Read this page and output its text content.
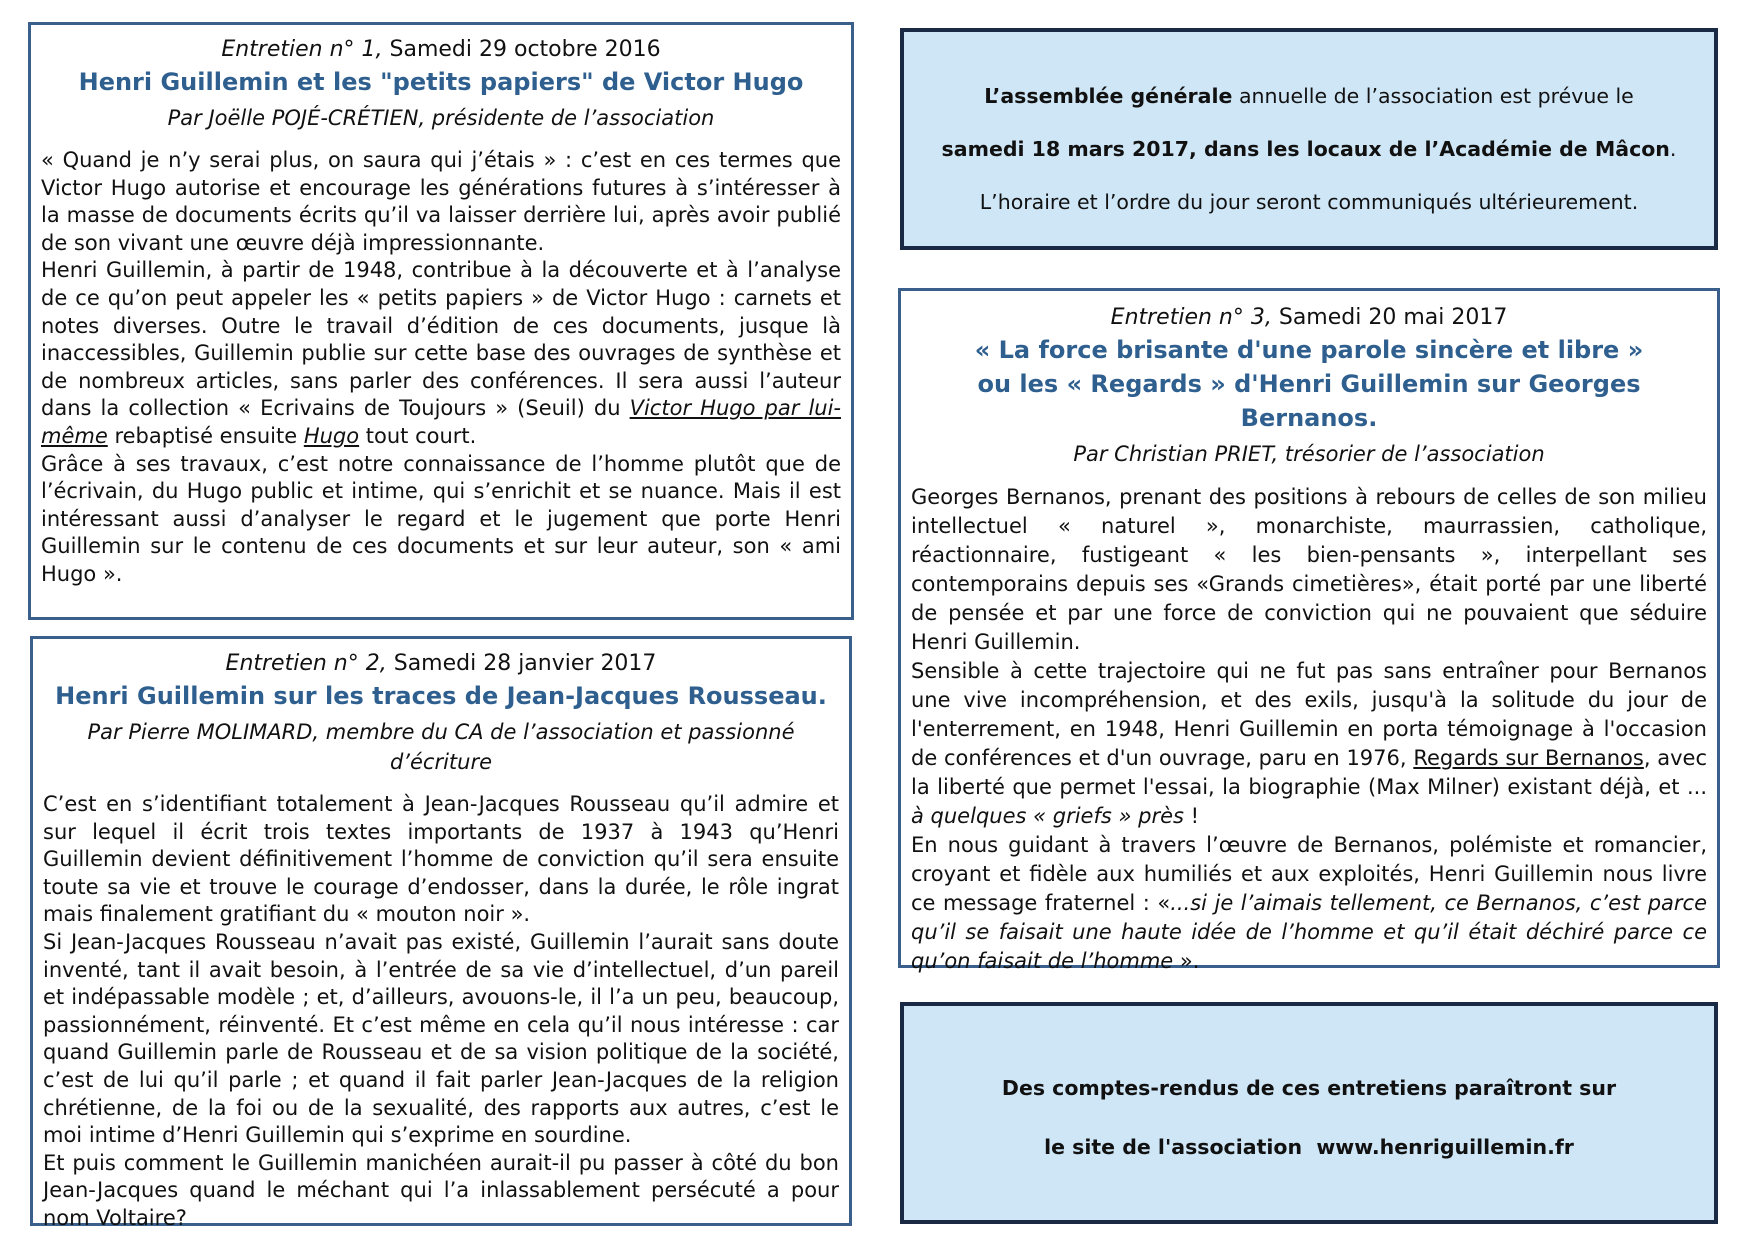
Entretien n° 1, Samedi 29 octobre 2016
Henri Guillemin et les "petits papiers" de Victor Hugo
Par Joëlle POJÉ-CRÉTIEN, présidente de l’association

« Quand je n’y serai plus, on saura qui j’étais » : c’est en ces termes que Victor Hugo autorise et encourage les générations futures à s’intéresser à la masse de documents écrits qu’il va laisser derrière lui, après avoir publié de son vivant une œuvre déjà impressionnante.

Henri Guillemin, à partir de 1948, contribue à la découverte et à l’analyse de ce qu’on peut appeler les « petits papiers » de Victor Hugo : carnets et notes diverses. Outre le travail d’édition de ces documents, jusque là inaccessibles, Guillemin publie sur cette base des ouvrages de synthèse et de nombreux articles, sans parler des conférences. Il sera aussi l’auteur dans la collection « Ecrivains de Toujours » (Seuil) du Victor Hugo par lui-même rebaptisé ensuite Hugo tout court.

Grâce à ses travaux, c’est notre connaissance de l’homme plutôt que de l’écrivain, du Hugo public et intime, qui s’enrichit et se nuance. Mais il est intéressant aussi d’analyser le regard et le jugement que porte Henri Guillemin sur le contenu de ces documents et sur leur auteur, son « ami Hugo ».

Entretien n° 2, Samedi 28 janvier 2017
Henri Guillemin sur les traces de Jean-Jacques Rousseau.
Par Pierre MOLIMARD, membre du CA de l’association et passionné d’écriture

C’est en s’identifiant totalement à Jean-Jacques Rousseau qu’il admire et sur lequel il écrit trois textes importants de 1937 à 1943 qu’Henri Guillemin devient définitivement l’homme de conviction qu’il sera ensuite toute sa vie et trouve le courage d’endosser, dans la durée, le rôle ingrat mais finalement gratifiant du « mouton noir ».

Si Jean-Jacques Rousseau n’avait pas existé, Guillemin l’aurait sans doute inventé, tant il avait besoin, à l’entrée de sa vie d’intellectuel, d’un pareil et indépassable modèle ; et, d’ailleurs, avouons-le, il l’a un peu, beaucoup, passionnément, réinventé. Et c’est même en cela qu’il nous intéresse : car quand Guillemin parle de Rousseau et de sa vision politique de la société, c’est de lui qu’il parle ; et quand il fait parler Jean-Jacques de la religion chrétienne, de la foi ou de la sexualité, des rapports aux autres, c’est le moi intime d’Henri Guillemin qui s’exprime en sourdine.

Et puis comment le Guillemin manichéen aurait-il pu passer à côté du bon Jean-Jacques quand le méchant qui l’a inlassablement persécuté a pour nom Voltaire?

L’assemblée générale annuelle de l’association est prévue le

samedi 18 mars 2017, dans les locaux de l’Académie de Mâcon.

L’horaire et l’ordre du jour seront communiqués ultérieurement.

Entretien n° 3, Samedi 20 mai 2017
« La force brisante d'une parole sincère et libre »
ou les « Regards » d'Henri Guillemin sur Georges Bernanos.
Par Christian PRIET, trésorier de l’association

Georges Bernanos, prenant des positions à rebours de celles de son milieu intellectuel « naturel », monarchiste, maurrassien, catholique, réactionnaire, fustigeant « les bien-pensants », interpellant ses contemporains depuis ses «Grands cimetières», était porté par une liberté de pensée et par une force de conviction qui ne pouvaient que séduire Henri Guillemin.

Sensible à cette trajectoire qui ne fut pas sans entraîner pour Bernanos une vive incompréhension, et des exils, jusqu'à la solitude du jour de l'enterrement, en 1948, Henri Guillemin en porta témoignage à l'occasion de conférences et d'un ouvrage, paru en 1976, Regards sur Bernanos, avec la liberté que permet l'essai, la biographie (Max Milner) existant déjà, et ... à quelques « griefs » près !

En nous guidant à travers l’œuvre de Bernanos, polémiste et romancier, croyant et fidèle aux humiliés et aux exploités, Henri Guillemin nous livre ce message fraternel : «...si je l’aimais tellement, ce Bernanos, c’est parce qu’il se faisait une haute idée de l’homme et qu’il était déchiré parce ce qu’on faisait de l’homme ».

Des comptes-rendus de ces entretiens paraîtront sur

le site de l'association  www.henriguillemin.fr
